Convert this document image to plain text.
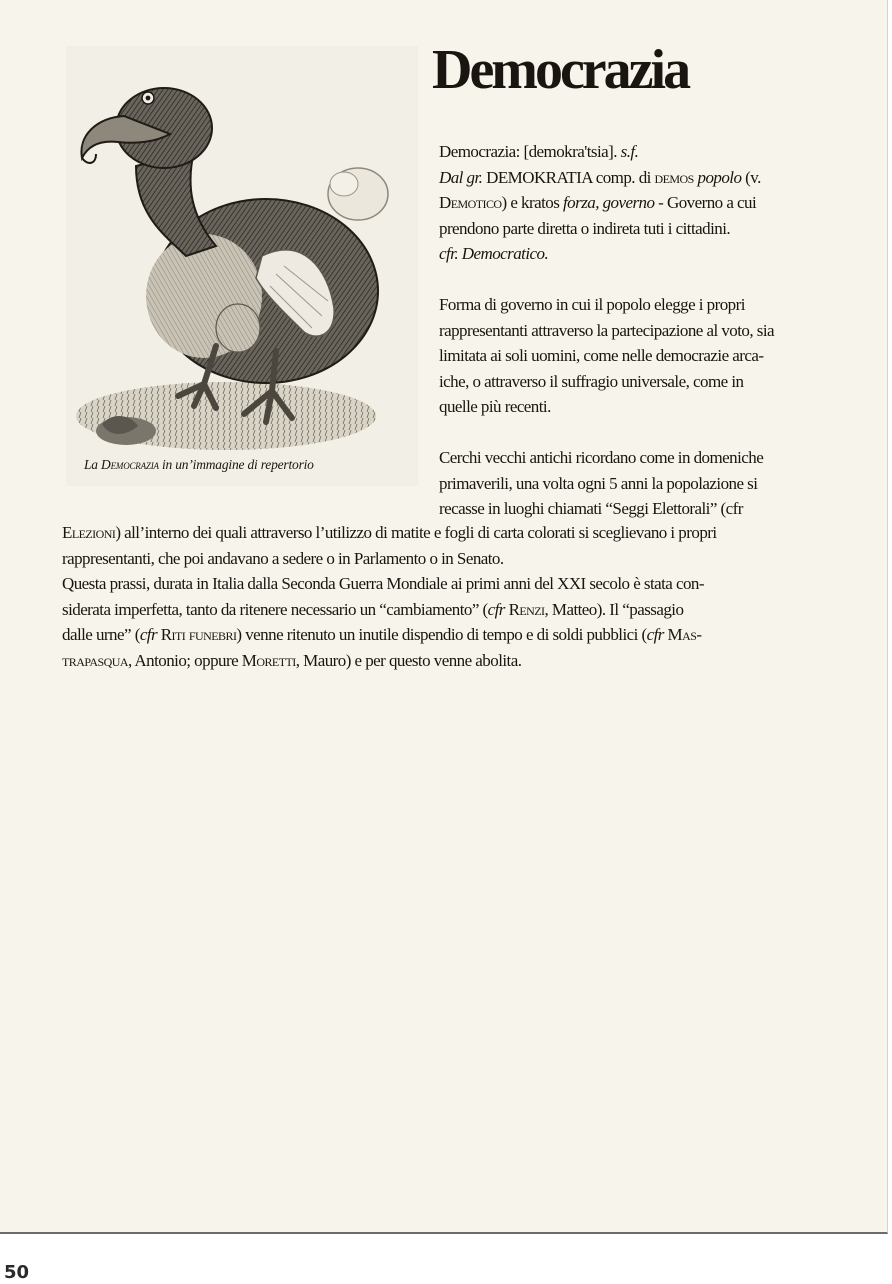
La Democrazia in un’immagine di repertorio
Democrazia

Democrazia: [demokra'tsia]. s.f.
Dal gr. DEMOKRATIA comp. di demos popolo (v.
Demotico) e kratos forza, governo - Governo a cui
prendono parte diretta o indireta tuti i cittadini.
cfr. Democratico.

Forma di governo in cui il popolo elegge i propri
rappresentanti attraverso la partecipazione al voto, sia
limitata ai soli uomini, come nelle democrazie arca-
iche, o attraverso il suffragio universale, come in
quelle più recenti.

Cerchi vecchi antichi ricordano come in domeniche
primaverili, una volta ogni 5 anni la popolazione si
recasse in luoghi chiamati “Seggi Elettorali” (cfr

Elezioni) all’interno dei quali attraverso l’utilizzo di matite e fogli di carta colorati si sceglievano i propri
rappresentanti, che poi andavano a sedere o in Parlamento o in Senato.

Questa prassi, durata in Italia dalla Seconda Guerra Mondiale ai primi anni del XXI secolo è stata con-
siderata imperfetta, tanto da ritenere necessario un “cambiamento” (cfr Renzi, Matteo). Il “passagio
dalle urne” (cfr Riti funebri) venne ritenuto un inutile dispendio di tempo e di soldi pubblici (cfr Mas-
trapasqua, Antonio; oppure Moretti, Mauro) e per questo venne abolita.

50
